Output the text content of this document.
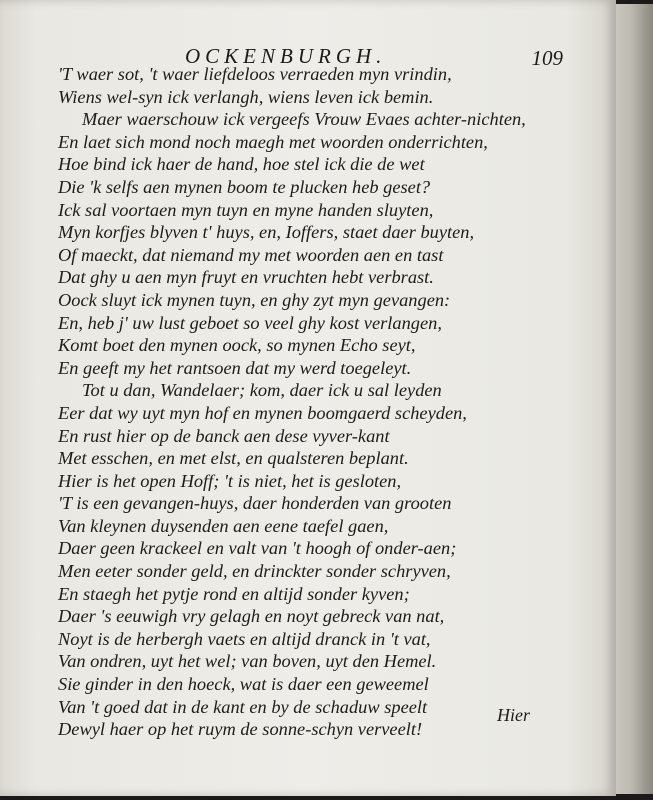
OCKENBURGH.	109
'T waer sot, 't waer liefdeloos verraeden myn vrindin,
Wiens wel-syn ick verlangh, wiens leven ick bemin.
Maer waerschouw ick vergeefs Vrouw Evaes achter-nichten,
En laet sich mond noch maegh met woorden onderrichten,
Hoe bind ick haer de hand, hoe stel ick die de wet
Die 'k selfs aen mynen boom te plucken heb geset?
Ick sal voortaen myn tuyn en myne handen sluyten,
Myn korfjes blyven t' huys, en, Ioffers, staet daer buyten,
Of maeckt, dat niemand my met woorden aen en tast
Dat ghy u aen myn fruyt en vruchten hebt verbrast.
Oock sluyt ick mynen tuyn, en ghy zyt myn gevangen:
En, heb j' uw lust geboet so veel ghy kost verlangen,
Komt boet den mynen oock, so mynen Echo seyt,
En geeft my het rantsoen dat my werd toegeleyt.
Tot u dan, Wandelaer; kom, daer ick u sal leyden
Eer dat wy uyt myn hof en mynen boomgaerd scheyden,
En rust hier op de banck aen dese vyver-kant
Met esschen, en met elst, en qualsteren beplant.
Hier is het open Hoff; 't is niet, het is gesloten,
'T is een gevangen-huys, daer honderden van grooten
Van kleynen duysenden aen eene taefel gaen,
Daer geen krackeel en valt van 't hoogh of onder-aen;
Men eeter sonder geld, en drinckter sonder schryven,
En staegh het pytje rond en altijd sonder kyven;
Daer 's eeuwigh vry gelagh en noyt gebreck van nat,
Noyt is de herbergh vaets en altijd dranck in 't vat,
Van ondren, uyt het wel; van boven, uyt den Hemel.
Sie ginder in den hoeck, wat is daer een geweemel
Van 't goed dat in de kant en by de schaduw speelt
Dewyl haer op het ruym de sonne-schyn verveelt!
Hier
